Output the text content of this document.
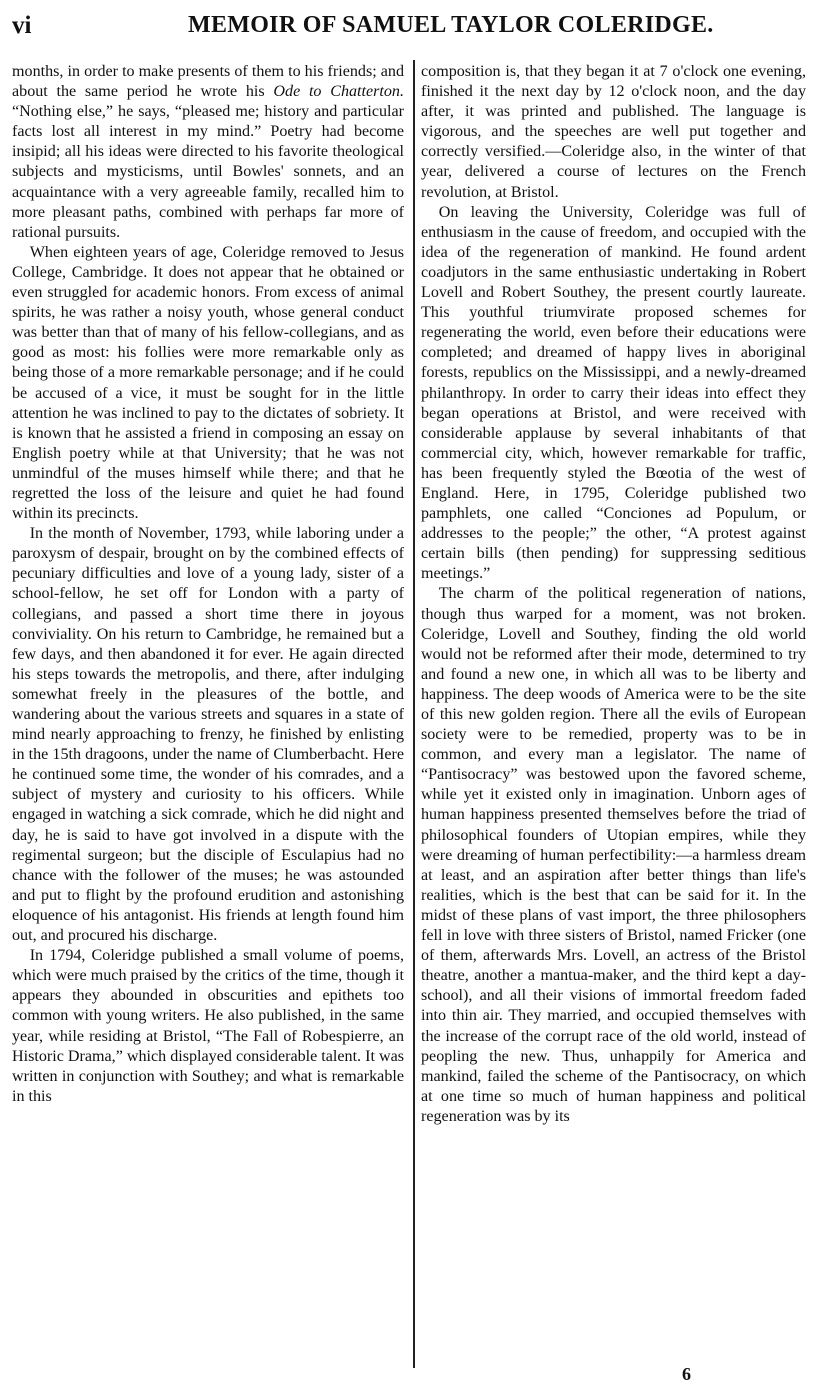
vi	MEMOIR OF SAMUEL TAYLOR COLERIDGE.

months, in order to make presents of them to his friends; and about the same period he wrote his Ode to Chatterton. “Nothing else,” he says, “pleased me; history and particular facts lost all interest in my mind.” Poetry had become insipid; all his ideas were directed to his favorite theological subjects and mysticisms, until Bowles' sonnets, and an acquaintance with a very agreeable family, recalled him to more pleasant paths, combined with perhaps far more of rational pursuits.

When eighteen years of age, Coleridge removed to Jesus College, Cambridge. It does not appear that he obtained or even struggled for academic honors. From excess of animal spirits, he was rather a noisy youth, whose general conduct was better than that of many of his fellow-collegians, and as good as most: his follies were more remarkable only as being those of a more remarkable personage; and if he could be accused of a vice, it must be sought for in the little attention he was inclined to pay to the dictates of sobriety. It is known that he assisted a friend in composing an essay on English poetry while at that University; that he was not unmindful of the muses himself while there; and that he regretted the loss of the leisure and quiet he had found within its precincts.

In the month of November, 1793, while laboring under a paroxysm of despair, brought on by the combined effects of pecuniary difficulties and love of a young lady, sister of a school-fellow, he set off for London with a party of collegians, and passed a short time there in joyous conviviality. On his return to Cambridge, he remained but a few days, and then abandoned it for ever. He again directed his steps towards the metropolis, and there, after indulging somewhat freely in the pleasures of the bottle, and wandering about the various streets and squares in a state of mind nearly approaching to frenzy, he finished by enlisting in the 15th dragoons, under the name of Clumberbacht. Here he continued some time, the wonder of his comrades, and a subject of mystery and curiosity to his officers. While engaged in watching a sick comrade, which he did night and day, he is said to have got involved in a dispute with the regimental surgeon; but the disciple of Esculapius had no chance with the follower of the muses; he was astounded and put to flight by the profound erudition and astonishing eloquence of his antagonist. His friends at length found him out, and procured his discharge.

In 1794, Coleridge published a small volume of poems, which were much praised by the critics of the time, though it appears they abounded in obscurities and epithets too common with young writers. He also published, in the same year, while residing at Bristol, “The Fall of Robespierre, an Historic Drama,” which displayed considerable talent. It was written in conjunction with Southey; and what is remarkable in this

composition is, that they began it at 7 o'clock one evening, finished it the next day by 12 o'clock noon, and the day after, it was printed and published. The language is vigorous, and the speeches are well put together and correctly versified.—Coleridge also, in the winter of that year, delivered a course of lectures on the French revolution, at Bristol.

On leaving the University, Coleridge was full of enthusiasm in the cause of freedom, and occupied with the idea of the regeneration of mankind. He found ardent coadjutors in the same enthusiastic undertaking in Robert Lovell and Robert Southey, the present courtly laureate. This youthful triumvirate proposed schemes for regenerating the world, even before their educations were completed; and dreamed of happy lives in aboriginal forests, republics on the Mississippi, and a newly-dreamed philanthropy. In order to carry their ideas into effect they began operations at Bristol, and were received with considerable applause by several inhabitants of that commercial city, which, however remarkable for traffic, has been frequently styled the Bœotia of the west of England. Here, in 1795, Coleridge published two pamphlets, one called “Conciones ad Populum, or addresses to the people;” the other, “A protest against certain bills (then pending) for suppressing seditious meetings.”

The charm of the political regeneration of nations, though thus warped for a moment, was not broken. Coleridge, Lovell and Southey, finding the old world would not be reformed after their mode, determined to try and found a new one, in which all was to be liberty and happiness. The deep woods of America were to be the site of this new golden region. There all the evils of European society were to be remedied, property was to be in common, and every man a legislator. The name of “Pantisocracy” was bestowed upon the favored scheme, while yet it existed only in imagination. Unborn ages of human happiness presented themselves before the triad of philosophical founders of Utopian empires, while they were dreaming of human perfectibility:—a harmless dream at least, and an aspiration after better things than life's realities, which is the best that can be said for it. In the midst of these plans of vast import, the three philosophers fell in love with three sisters of Bristol, named Fricker (one of them, afterwards Mrs. Lovell, an actress of the Bristol theatre, another a mantua-maker, and the third kept a day-school), and all their visions of immortal freedom faded into thin air. They married, and occupied themselves with the increase of the corrupt race of the old world, instead of peopling the new. Thus, unhappily for America and mankind, failed the scheme of the Pantisocracy, on which at one time so much of human happiness and political regeneration was by its

6
